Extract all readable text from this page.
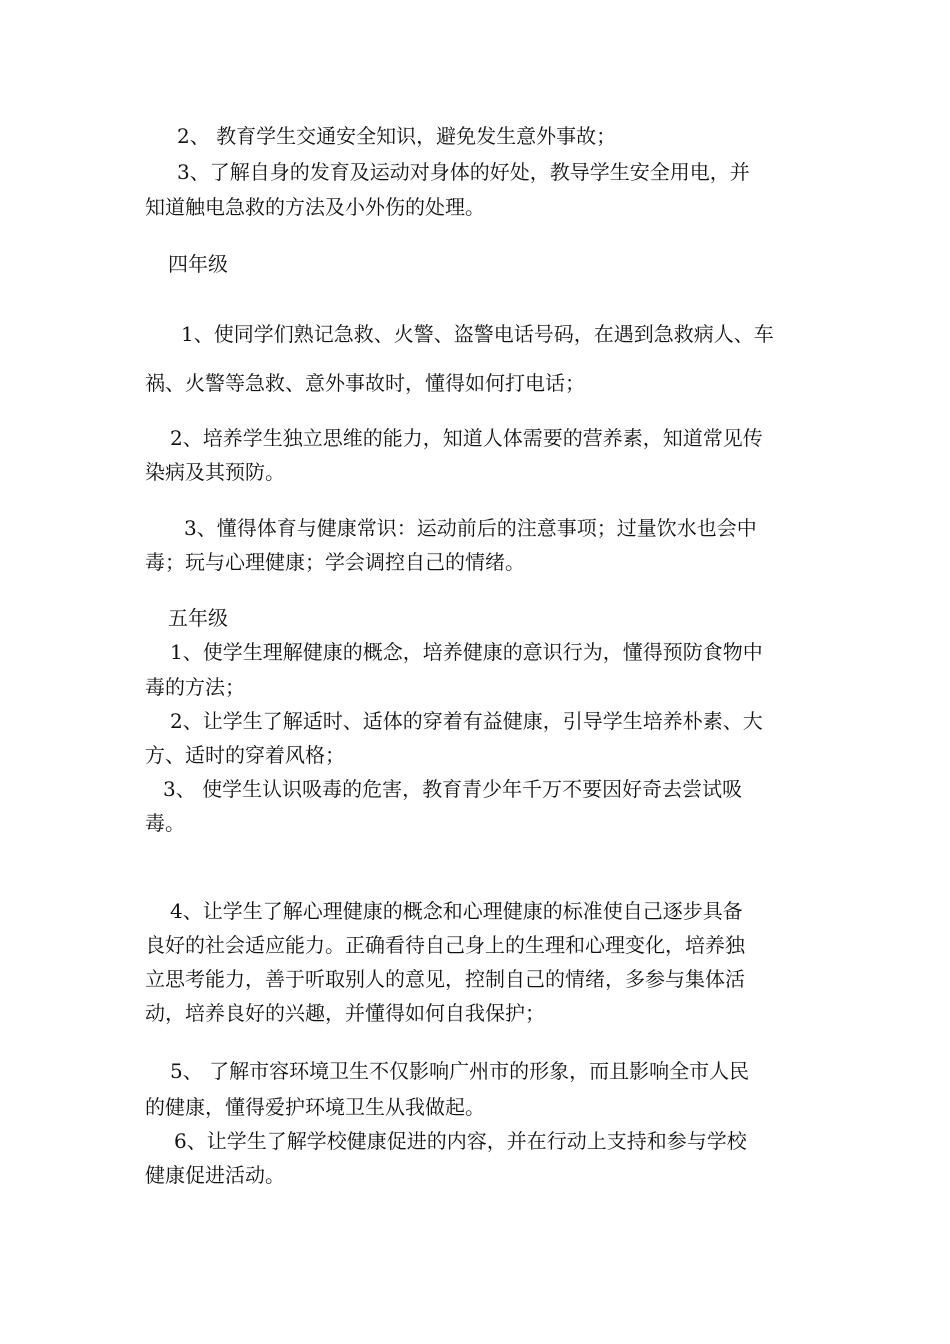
2、 教育学生交通安全知识，避免发生意外事故；
3、了解自身的发育及运动对身体的好处，教导学生安全用电，并
知道触电急救的方法及小外伤的处理。
四年级
1、使同学们熟记急救、火警、盗警电话号码，在遇到急救病人、车
祸、火警等急救、意外事故时，懂得如何打电话；
2、培养学生独立思维的能力，知道人体需要的营养素，知道常见传
染病及其预防。
3、懂得体育与健康常识：运动前后的注意事项；过量饮水也会中
毒；玩与心理健康；学会调控自己的情绪。
五年级
1、使学生理解健康的概念，培养健康的意识行为，懂得预防食物中
毒的方法；
2、让学生了解适时、适体的穿着有益健康，引导学生培养朴素、大
方、适时的穿着风格；
3、 使学生认识吸毒的危害，教育青少年千万不要因好奇去尝试吸
毒。
4、让学生了解心理健康的概念和心理健康的标准使自己逐步具备
良好的社会适应能力。正确看待自己身上的生理和心理变化，培养独
立思考能力，善于听取别人的意见，控制自己的情绪，多参与集体活
动，培养良好的兴趣，并懂得如何自我保护；
5、 了解市容环境卫生不仅影响广州市的形象，而且影响全市人民
的健康，懂得爱护环境卫生从我做起。
6、让学生了解学校健康促进的内容，并在行动上支持和参与学校
健康促进活动。
